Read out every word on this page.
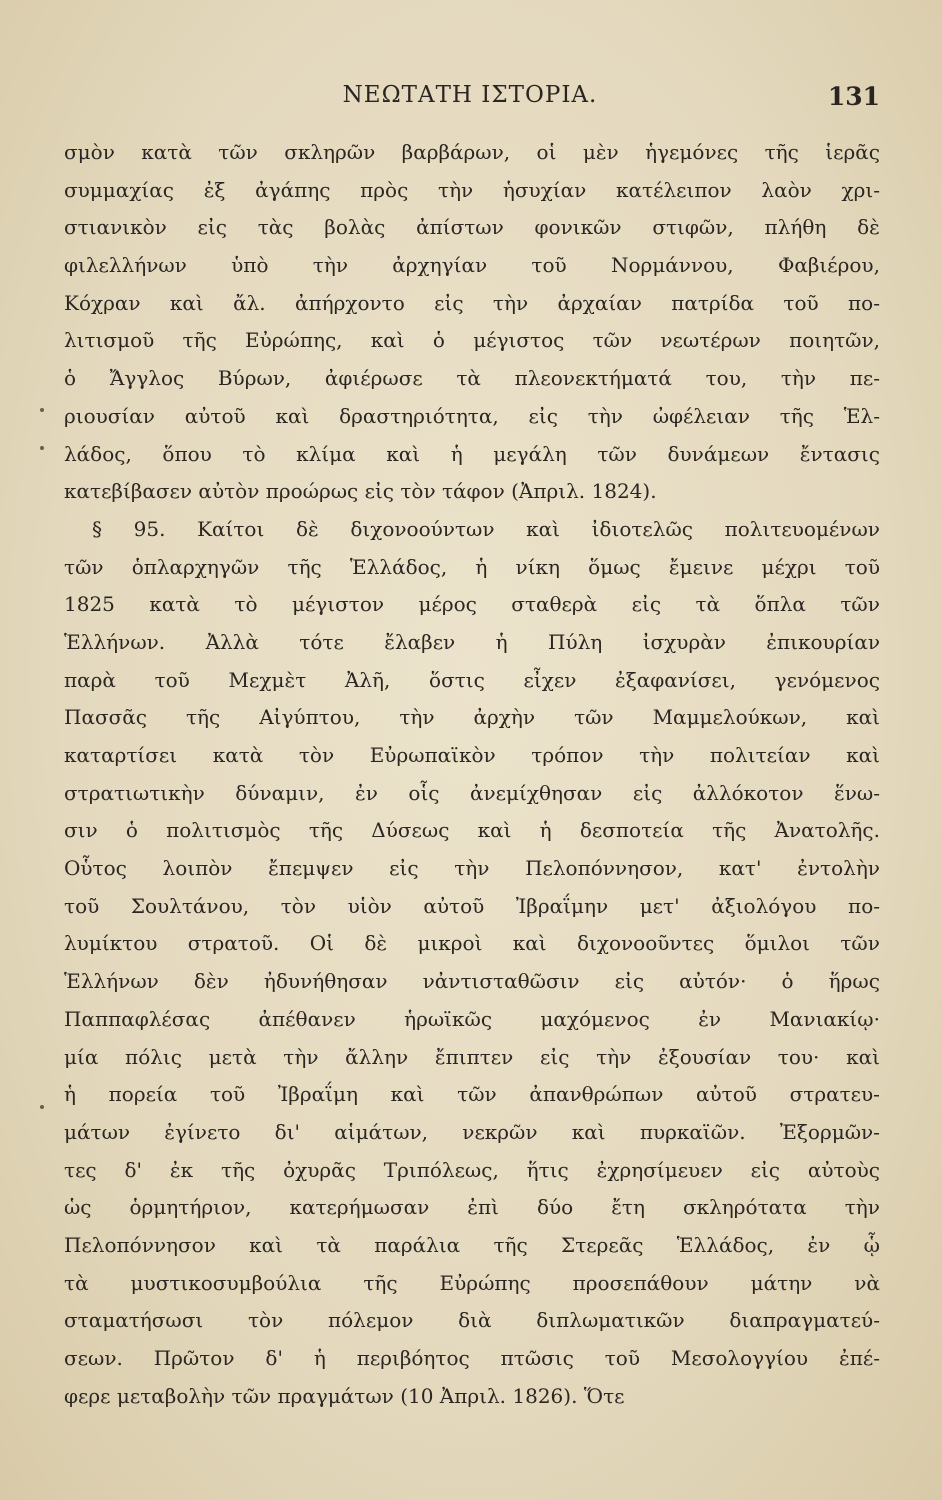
ΝΕΩΤΑΤΗ ΙΣΤΟΡΙΑ.	131
σμὸν κατὰ τῶν σκληρῶν βαρβάρων, οἱ μὲν ἡγεμόνες τῆς ἱερᾶς
συμμαχίας ἐξ ἀγάπης πρὸς τὴν ἡσυχίαν κατέλειπον λαὸν χρι-
στιανικὸν εἰς τὰς βολὰς ἀπίστων φονικῶν στιφῶν, πλήθη δὲ
φιλελλήνων ὑπὸ τὴν ἀρχηγίαν τοῦ Νορμάννου, Φαβιέρου,
Κόχραν καὶ ἄλ. ἀπήρχοντο εἰς τὴν ἀρχαίαν πατρίδα τοῦ πο-
λιτισμοῦ τῆς Εὐρώπης, καὶ ὁ μέγιστος τῶν νεωτέρων ποιητῶν,
ὁ Ἄγγλος Βύρων, ἀφιέρωσε τὰ πλεονεκτήματά του, τὴν πε-
ριουσίαν αὐτοῦ καὶ δραστηριότητα, εἰς τὴν ὠφέλειαν τῆς Ἑλ-
λάδος, ὅπου τὸ κλίμα καὶ ἡ μεγάλη τῶν δυνάμεων ἔντασις
κατεβίβασεν αὐτὸν προώρως εἰς τὸν τάφον (Ἀπριλ. 1824).
§ 95. Καίτοι δὲ διχονοούντων καὶ ἰδιοτελῶς πολιτευομένων
τῶν ὁπλαρχηγῶν τῆς Ἑλλάδος, ἡ νίκη ὅμως ἔμεινε μέχρι τοῦ
1825 κατὰ τὸ μέγιστον μέρος σταθερὰ εἰς τὰ ὅπλα τῶν
Ἑλλήνων. Ἀλλὰ τότε ἔλαβεν ἡ Πύλη ἰσχυρὰν ἐπικουρίαν
παρὰ τοῦ Μεχμὲτ Ἀλῆ, ὅστις εἶχεν ἐξαφανίσει, γενόμενος
Πασσᾶς τῆς Αἰγύπτου, τὴν ἀρχὴν τῶν Μαμμελούκων, καὶ
καταρτίσει κατὰ τὸν Εὐρωπαϊκὸν τρόπον τὴν πολιτείαν καὶ
στρατιωτικὴν δύναμιν, ἐν οἷς ἀνεμίχθησαν εἰς ἀλλόκοτον ἕνω-
σιν ὁ πολιτισμὸς τῆς Δύσεως καὶ ἡ δεσποτεία τῆς Ἀνατολῆς.
Οὗτος λοιπὸν ἔπεμψεν εἰς τὴν Πελοπόννησον, κατ' ἐντολὴν
τοῦ Σουλτάνου, τὸν υἱὸν αὐτοῦ Ἰβραΐμην μετ' ἀξιολόγου πο-
λυμίκτου στρατοῦ. Οἱ δὲ μικροὶ καὶ διχονοοῦντες ὅμιλοι τῶν
Ἑλλήνων δὲν ἠδυνήθησαν νἀντισταθῶσιν εἰς αὐτόν· ὁ ἥρως
Παππαφλέσας ἀπέθανεν ἡρωϊκῶς μαχόμενος ἐν Μανιακίῳ·
μία πόλις μετὰ τὴν ἄλλην ἔπιπτεν εἰς τὴν ἐξουσίαν του· καὶ
ἡ πορεία τοῦ Ἰβραΐμη καὶ τῶν ἀπανθρώπων αὐτοῦ στρατευ-
μάτων ἐγίνετο δι' αἱμάτων, νεκρῶν καὶ πυρκαϊῶν. Ἐξορμῶν-
τες δ' ἐκ τῆς ὀχυρᾶς Τριπόλεως, ἥτις ἐχρησίμευεν εἰς αὐτοὺς
ὡς ὁρμητήριον, κατερήμωσαν ἐπὶ δύο ἔτη σκληρότατα τὴν
Πελοπόννησον καὶ τὰ παράλια τῆς Στερεᾶς Ἑλλάδος, ἐν ᾧ
τὰ μυστικοσυμβούλια τῆς Εὐρώπης προσεπάθουν μάτην νὰ
σταματήσωσι τὸν πόλεμον διὰ διπλωματικῶν διαπραγματεύ-
σεων. Πρῶτον δ' ἡ περιβόητος πτῶσις τοῦ Μεσολογγίου ἐπέ-
φερε μεταβολὴν τῶν πραγμάτων (10 Ἀπριλ. 1826). Ὅτε
